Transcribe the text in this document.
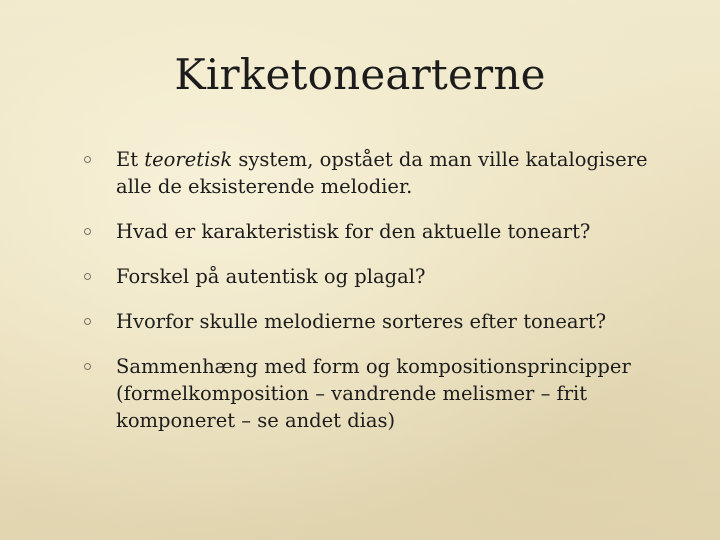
Kirketonearterne
Et teoretisk system, opstået da man ville katalogisere alle de eksisterende melodier.
Hvad er karakteristisk for den aktuelle toneart?
Forskel på autentisk og plagal?
Hvorfor skulle melodierne sorteres efter toneart?
Sammenhæng med form og kompositionsprincipper (formelkomposition – vandrende melismer – frit komponeret – se andet dias)
